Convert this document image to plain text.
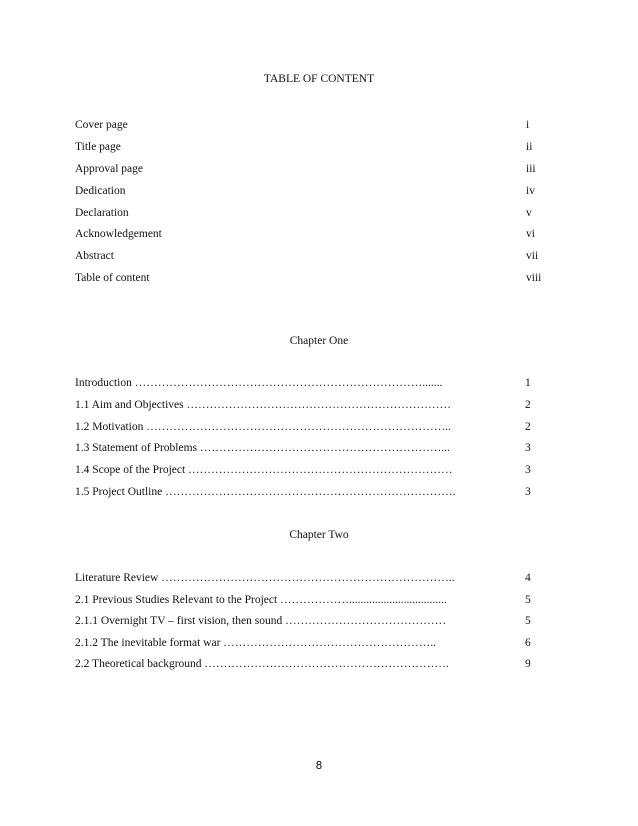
TABLE OF CONTENT
Cover page	i
Title page	ii
Approval page	iii
Dedication	iv
Declaration	v
Acknowledgement	vi
Abstract	vii
Table of content	viii
Chapter One
Introduction ………………………………………………………………….......	1
1.1 Aim and Objectives ……………………………………………………………	2
1.2 Motivation ……………………………………………………………………..	2
1.3 Statement of Problems ………………………………………………………...	3
1.4 Scope of the Project ……………………………………………………………	3
1.5 Project Outline ………………………………………………………………….	3
Chapter Two
Literature Review …………………………………………………………………..	4
2.1 Previous Studies Relevant to the Project ………………..................................	5
2.1.1 Overnight TV – first vision, then sound ……………………………………	5
2.1.2 The inevitable format war ………………………………………………..	6
2.2 Theoretical background ……………………………………………………….	9
8
